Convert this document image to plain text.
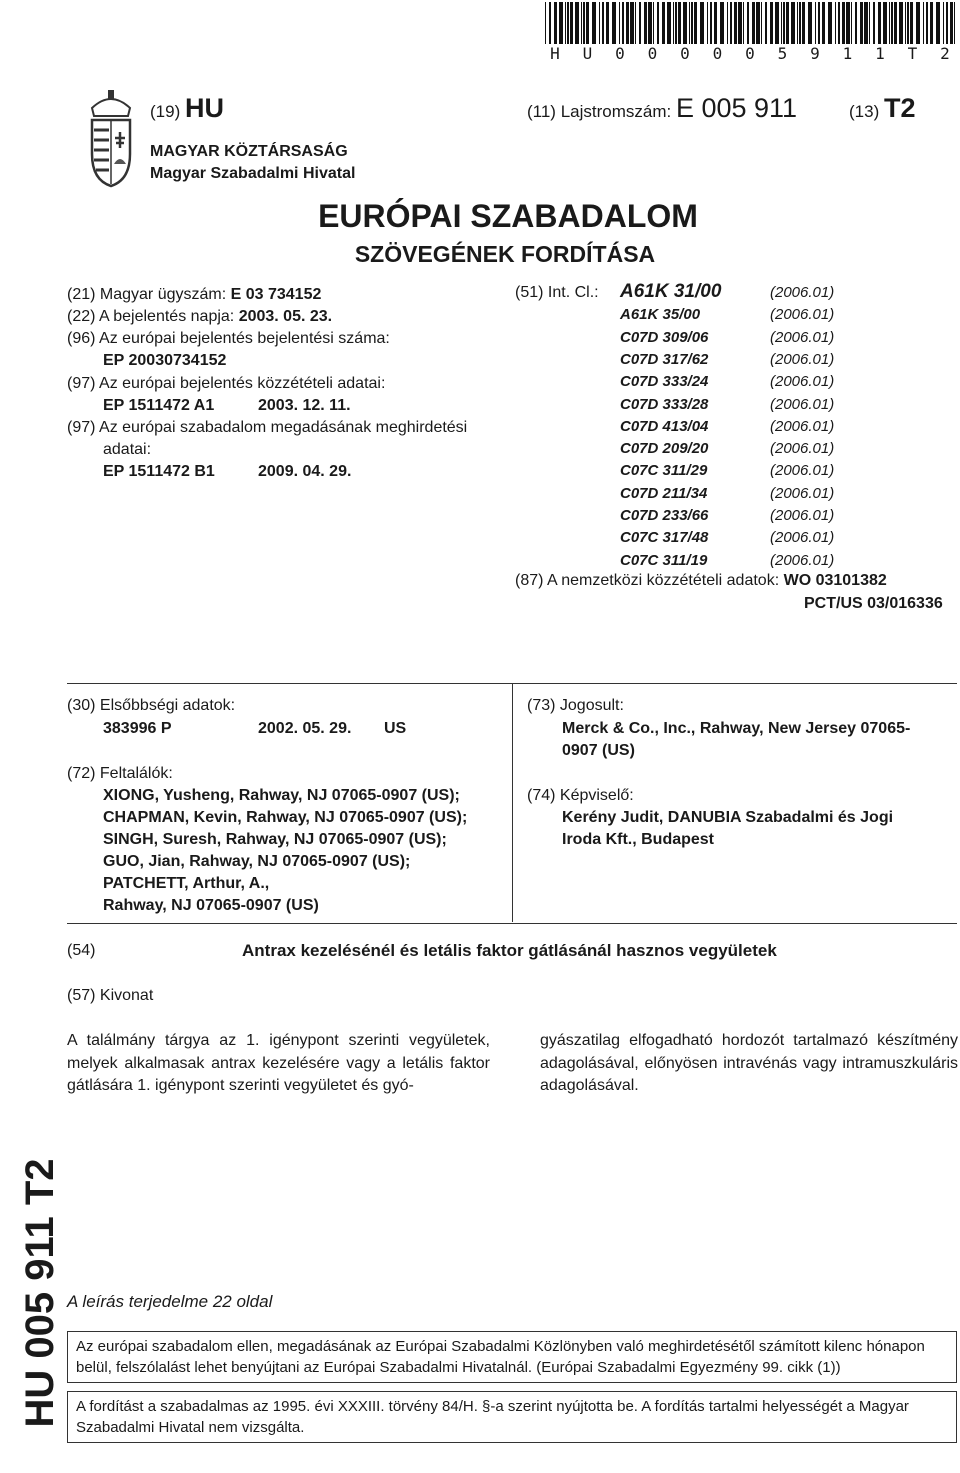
H	U	0	0	0	0	0	5	9	1	1	T	2
(19) HU	(11) Lajstromszám: E 005 911	(13) T2
MAGYAR KÖZTÁRSASÁG
Magyar Szabadalmi Hivatal
EURÓPAI SZABADALOM
SZÖVEGÉNEK FORDÍTÁSA
(21) Magyar ügyszám: E 03 734152
(22) A bejelentés napja: 2003. 05. 23.
(96) Az európai bejelentés bejelentési száma:
EP 20030734152
(97) Az európai bejelentés közzétételi adatai:
EP 1511472 A1	2003. 12. 11.
(97) Az európai szabadalom megadásának meghirdetési
adatai:
EP 1511472 B1	2009. 04. 29.
(51) Int. Cl.: A61K 31/00	(2006.01)
A61K 35/00	(2006.01)
C07D 309/06	(2006.01)
C07D 317/62	(2006.01)
C07D 333/24	(2006.01)
C07D 333/28	(2006.01)
C07D 413/04	(2006.01)
C07D 209/20	(2006.01)
C07C 311/29	(2006.01)
C07D 211/34	(2006.01)
C07D 233/66	(2006.01)
C07C 317/48	(2006.01)
C07C 311/19	(2006.01)
(87) A nemzetközi közzétételi adatok: WO 03101382
PCT/US 03/016336
(30) Elsőbbségi adatok:
383996 P	2002. 05. 29. US
(72) Feltalálók:
XIONG, Yusheng, Rahway, NJ 07065-0907 (US);
CHAPMAN, Kevin, Rahway, NJ 07065-0907 (US);
SINGH, Suresh, Rahway, NJ 07065-0907 (US);
GUO, Jian, Rahway, NJ 07065-0907 (US);
PATCHETT, Arthur, A.,
Rahway, NJ 07065-0907 (US)
(73) Jogosult:
Merck & Co., Inc., Rahway, New Jersey 07065-
0907 (US)
(74) Képviselő:
Kerény Judit, DANUBIA Szabadalmi és Jogi
Iroda Kft., Budapest
(54)	Antrax kezelésénél és letális faktor gátlásánál hasznos vegyületek
(57) Kivonat
A találmány tárgya az 1. igénypont szerinti vegyületek, melyek alkalmasak antrax kezelésére vagy a letális faktor gátlására 1. igénypont szerinti vegyületet és gyó-
gyászatilag elfogadható hordozót tartalmazó készítmény adagolásával, előnyösen intravénás vagy intramuszkuláris adagolásával.
HU 005 911 T2 A leírás terjedelme 22 oldal
Az európai szabadalom ellen, megadásának az Európai Szabadalmi Közlönyben való meghirdetésétől számított kilenc hónapon belül, felszólalást lehet benyújtani az Európai Szabadalmi Hivatalnál. (Európai Szabadalmi Egyezmény 99. cikk (1))
A fordítást a szabadalmas az 1995. évi XXXIII. törvény 84/H. §-a szerint nyújtotta be. A fordítás tartalmi helyességét a Magyar Szabadalmi Hivatal nem vizsgálta.
